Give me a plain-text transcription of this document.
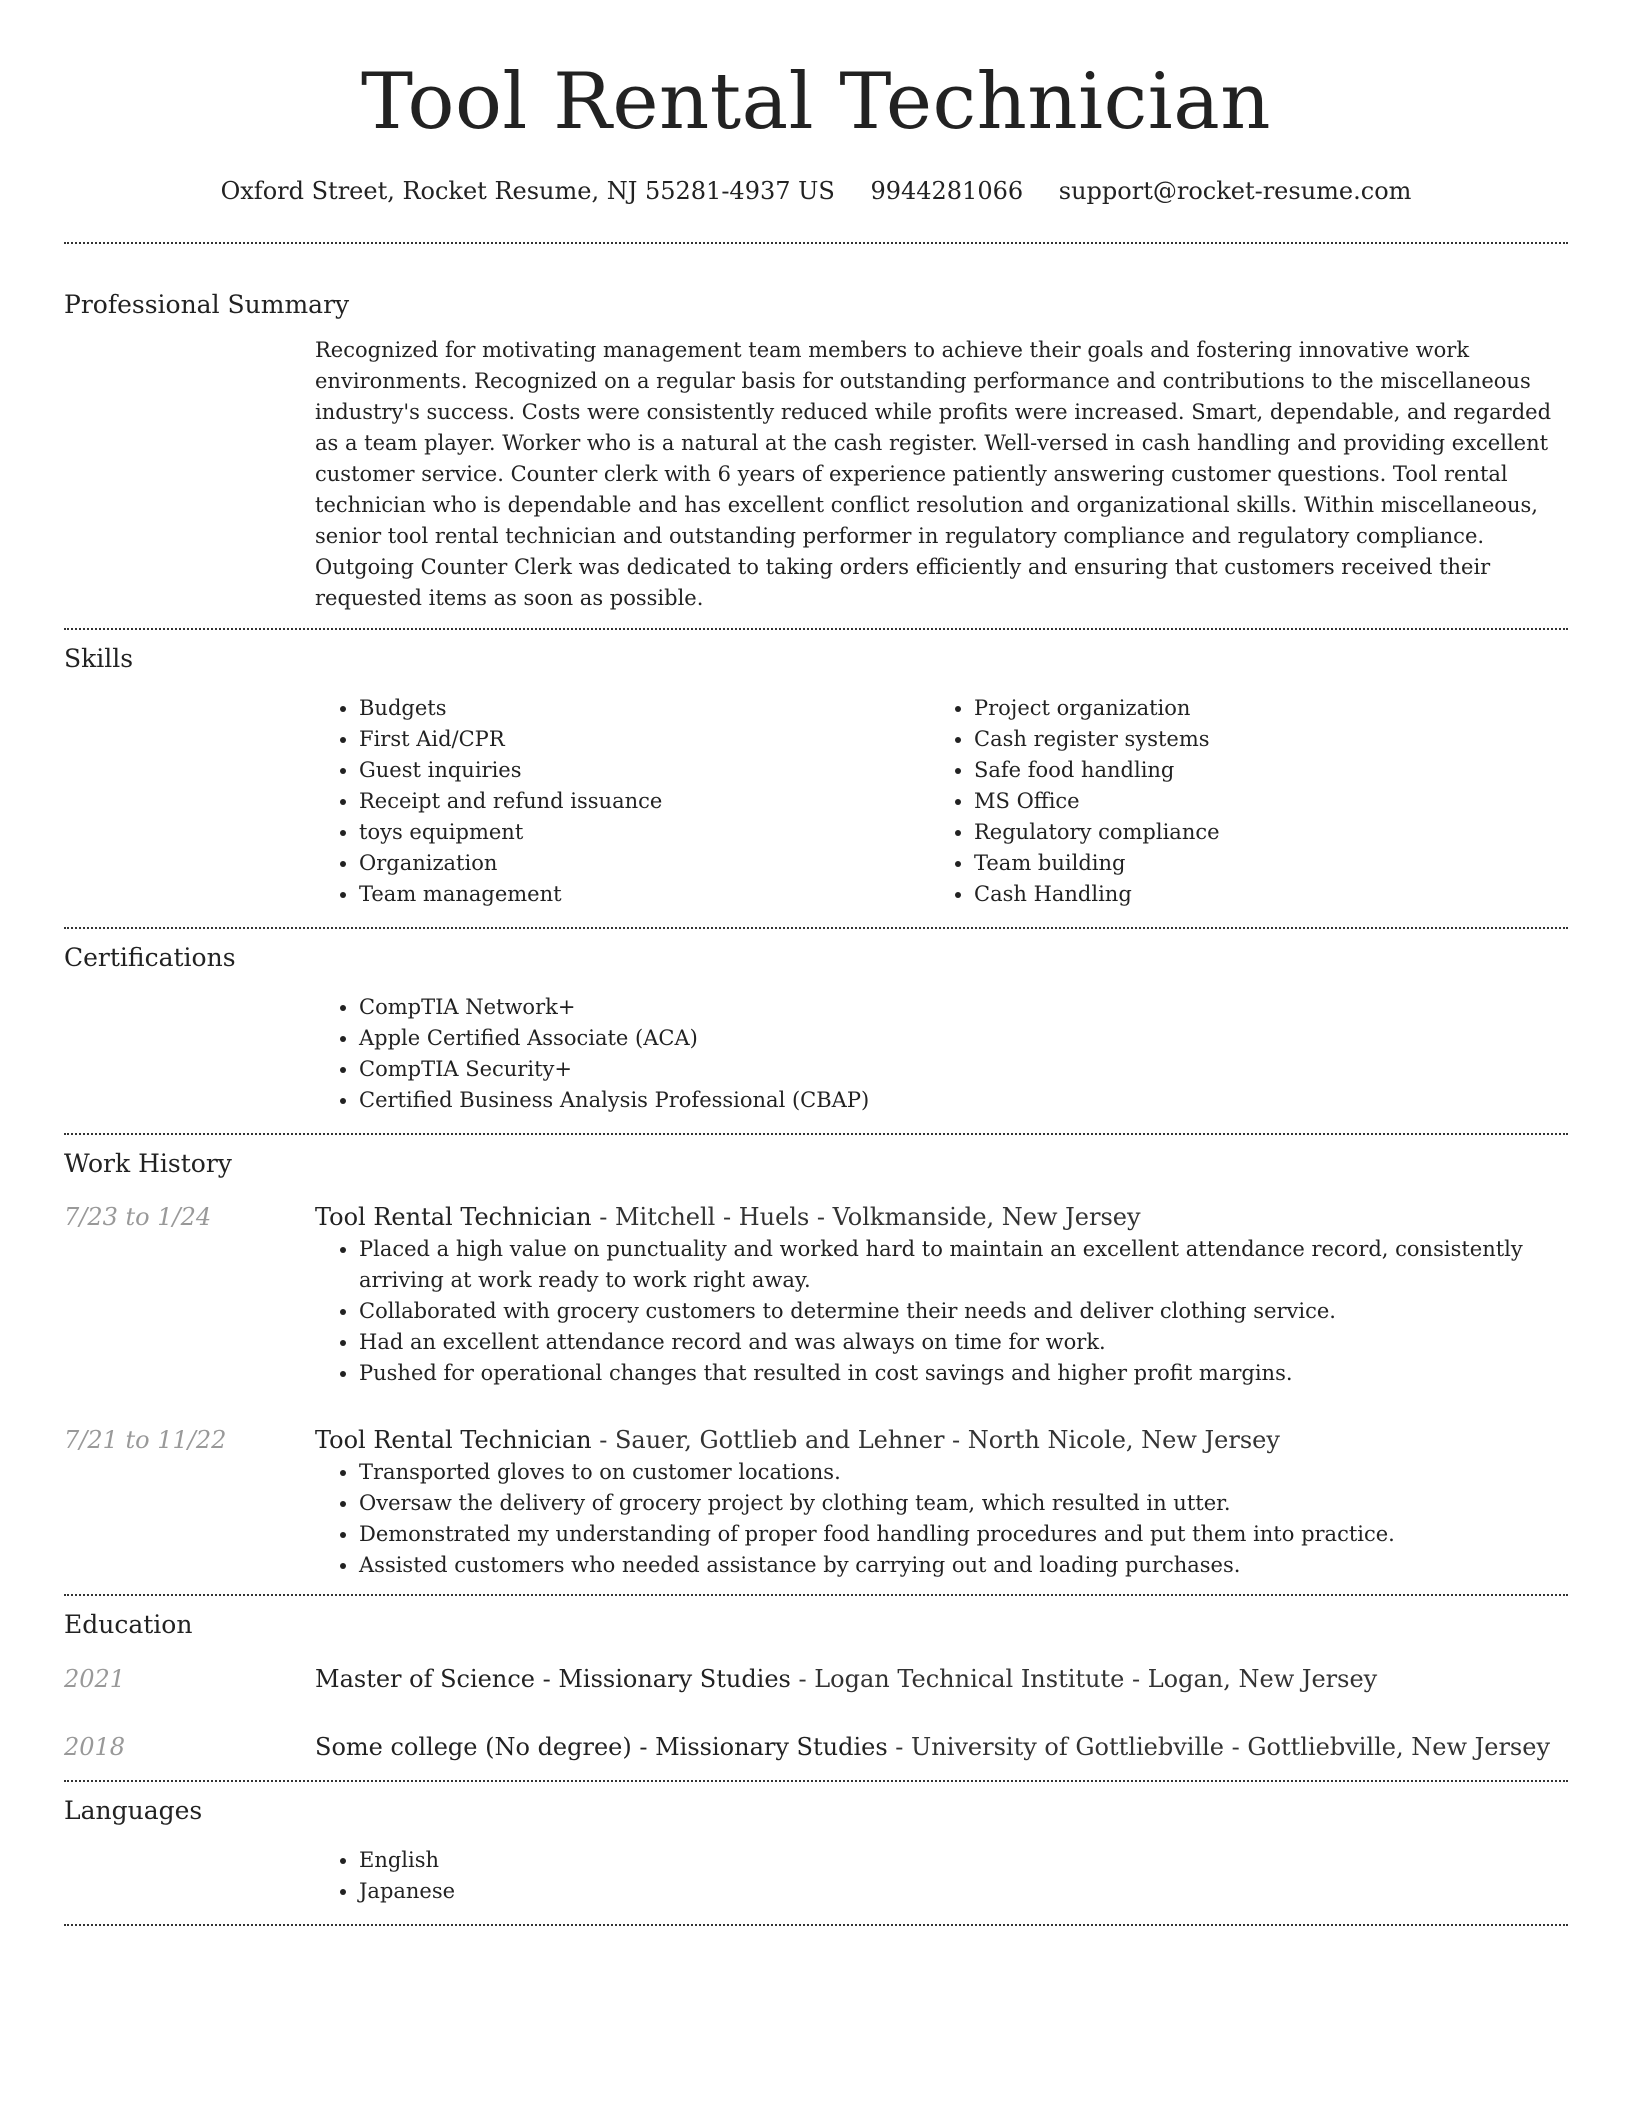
Tool Rental Technician
Oxford Street, Rocket Resume, NJ 55281-4937 US 9944281066 support@rocket-resume.com
Professional Summary
Recognized for motivating management team members to achieve their goals and fostering innovative work environments. Recognized on a regular basis for outstanding performance and contributions to the miscellaneous industry's success. Costs were consistently reduced while profits were increased. Smart, dependable, and regarded as a team player. Worker who is a natural at the cash register. Well-versed in cash handling and providing excellent customer service. Counter clerk with 6 years of experience patiently answering customer questions. Tool rental technician who is dependable and has excellent conflict resolution and organizational skills. Within miscellaneous, senior tool rental technician and outstanding performer in regulatory compliance and regulatory compliance. Outgoing Counter Clerk was dedicated to taking orders efficiently and ensuring that customers received their requested items as soon as possible.
Skills
• Budgets
• First Aid/CPR
• Guest inquiries
• Receipt and refund issuance
• toys equipment
• Organization
• Team management
• Project organization
• Cash register systems
• Safe food handling
• MS Office
• Regulatory compliance
• Team building
• Cash Handling
Certifications
• CompTIA Network+
• Apple Certified Associate (ACA)
• CompTIA Security+
• Certified Business Analysis Professional (CBAP)
Work History
7/23 to 1/24	Tool Rental Technician - Mitchell - Huels - Volkmanside, New Jersey

• Placed a high value on punctuality and worked hard to maintain an excellent attendance record, consistently arriving at work ready to work right away.
• Collaborated with grocery customers to determine their needs and deliver clothing service.
• Had an excellent attendance record and was always on time for work.
• Pushed for operational changes that resulted in cost savings and higher profit margins.
7/21 to 11/22	Tool Rental Technician - Sauer, Gottlieb and Lehner - North Nicole, New Jersey

• Transported gloves to on customer locations.
• Oversaw the delivery of grocery project by clothing team, which resulted in utter.
• Demonstrated my understanding of proper food handling procedures and put them into practice.
• Assisted customers who needed assistance by carrying out and loading purchases.
Education
2021	Master of Science - Missionary Studies - Logan Technical Institute - Logan, New Jersey

2018	Some college (No degree) - Missionary Studies - University of Gottliebville - Gottliebville, New Jersey

Languages
• English
• Japanese
